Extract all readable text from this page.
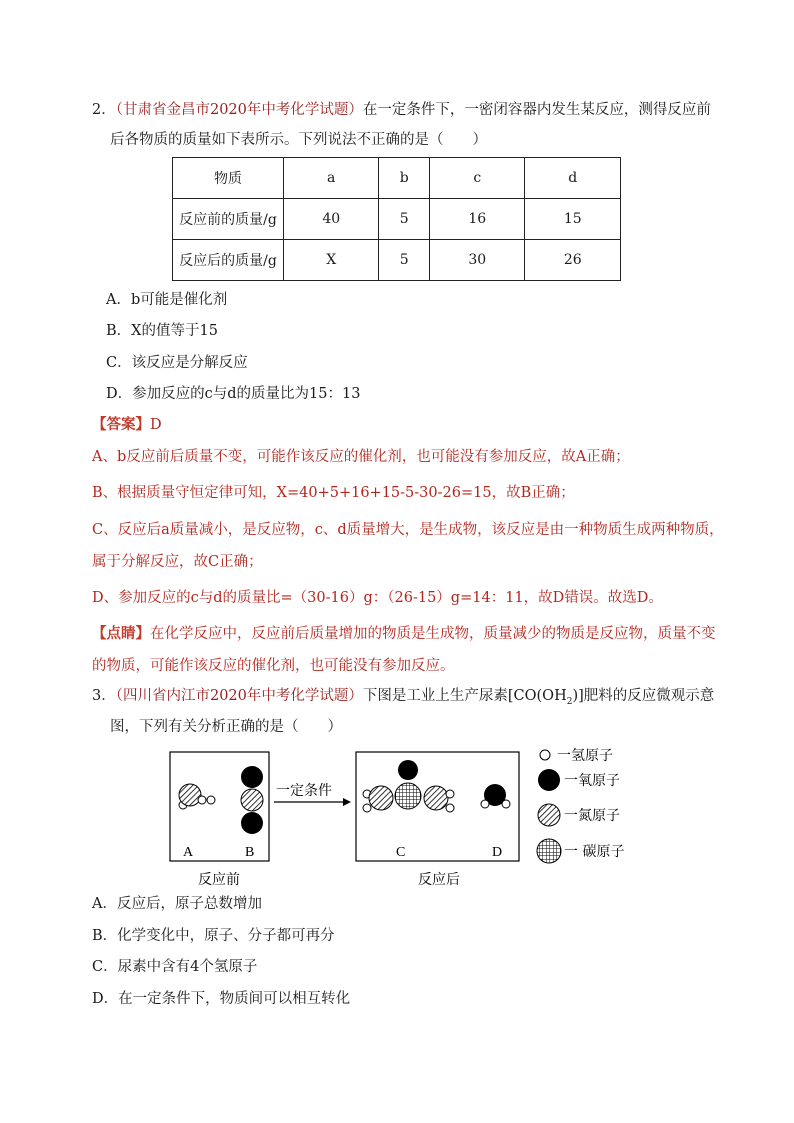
2．（甘肃省金昌市2020年中考化学试题）在一定条件下，一密闭容器内发生某反应，测得反应前
后各物质的质量如下表所示。下列说法不正确的是（　　）
物质	a	b	c	d
反应前的质量/g	40	5	16	15
反应后的质量/g	X	5	30	26
A．b可能是催化剂
B．X的值等于15
C．该反应是分解反应
D．参加反应的c与d的质量比为15：13
【答案】D
A、b反应前后质量不变，可能作该反应的催化剂，也可能没有参加反应，故A正确；
B、根据质量守恒定律可知，X=40+5+16+15-5-30-26=15，故B正确；
C、反应后a质量减小，是反应物，c、d质量增大，是生成物，该反应是由一种物质生成两种物质，
属于分解反应，故C正确；
D、参加反应的c与d的质量比=（30-16）g：（26-15）g=14：11，故D错误。故选D。
【点睛】在化学反应中，反应前后质量增加的物质是生成物，质量减少的物质是反应物，质量不变
的物质，可能作该反应的催化剂，也可能没有参加反应。
3．（四川省内江市2020年中考化学试题）下图是工业上生产尿素$[CO(OH_2)]$肥料的反应微观示意
图，下列有关分析正确的是（　　）
A	B
反应前
一定条件
C	D
反应后
一氢原子
一氧原子
一氮原子
一 碳原子
A．反应后，原子总数增加
B．化学变化中，原子、分子都可再分
C．尿素中含有4个氢原子
D．在一定条件下，物质间可以相互转化
